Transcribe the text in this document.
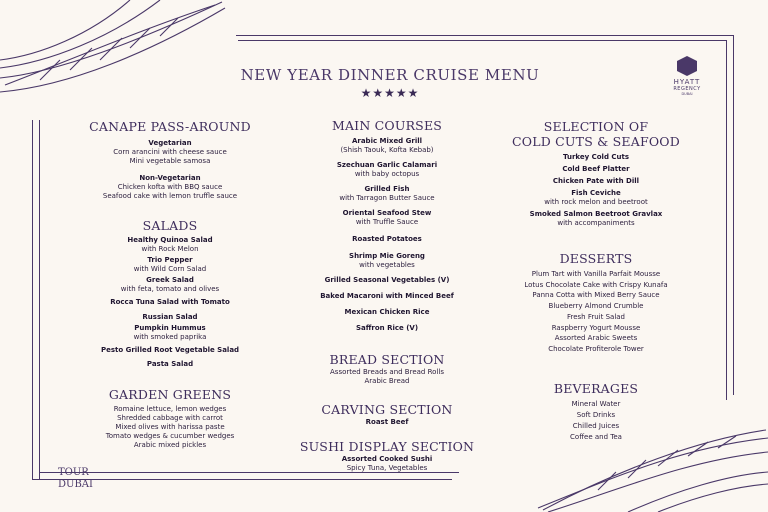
NEW YEAR DINNER CRUISE MENU
★★★★★
HYATT
REGENCY
DUBAI
CANAPE PASS-AROUND
Vegetarian
Corn arancini with cheese sauce
Mini vegetable samosa
Non-Vegetarian
Chicken kofta with BBQ sauce
Seafood cake with lemon truffle sauce
SALADS
Healthy Quinoa Salad
with Rock Melon
Trio Pepper
with Wild Corn Salad
Greek Salad
with feta, tomato and olives
Rocca Tuna Salad with Tomato
Russian Salad
Pumpkin Hummus
with smoked paprika
Pesto Grilled Root Vegetable Salad
Pasta Salad
GARDEN GREENS
Romaine lettuce, lemon wedges
Shredded cabbage with carrot
Mixed olives with harissa paste
Tomato wedges & cucumber wedges
Arabic mixed pickles
MAIN COURSES
Arabic Mixed Grill
(Shish Taouk, Kofta Kebab)
Szechuan Garlic Calamari
with baby octopus
Grilled Fish
with Tarragon Butter Sauce
Oriental Seafood Stew
with Truffle Sauce
Roasted Potatoes
Shrimp Mie Goreng
with vegetables
Grilled Seasonal Vegetables (V)
Baked Macaroni with Minced Beef
Mexican Chicken Rice
Saffron Rice (V)
BREAD SECTION
Assorted Breads and Bread Rolls
Arabic Bread
CARVING SECTION
Roast Beef
SUSHI DISPLAY SECTION
Assorted Cooked Sushi
Spicy Tuna, Vegetables
SELECTION OF
COLD CUTS & SEAFOOD
Turkey Cold Cuts
Cold Beef Platter
Chicken Pate with Dill
Fish Ceviche
with rock melon and beetroot
Smoked Salmon Beetroot Gravlax
with accompaniments
DESSERTS
Plum Tart with Vanilla Parfait Mousse
Lotus Chocolate Cake with Crispy Kunafa
Panna Cotta with Mixed Berry Sauce
Blueberry Almond Crumble
Fresh Fruit Salad
Raspberry Yogurt Mousse
Assorted Arabic Sweets
Chocolate Profiterole Tower
BEVERAGES
Mineral Water
Soft Drinks
Chilled Juices
Coffee and Tea
TOUR
DUBAI
